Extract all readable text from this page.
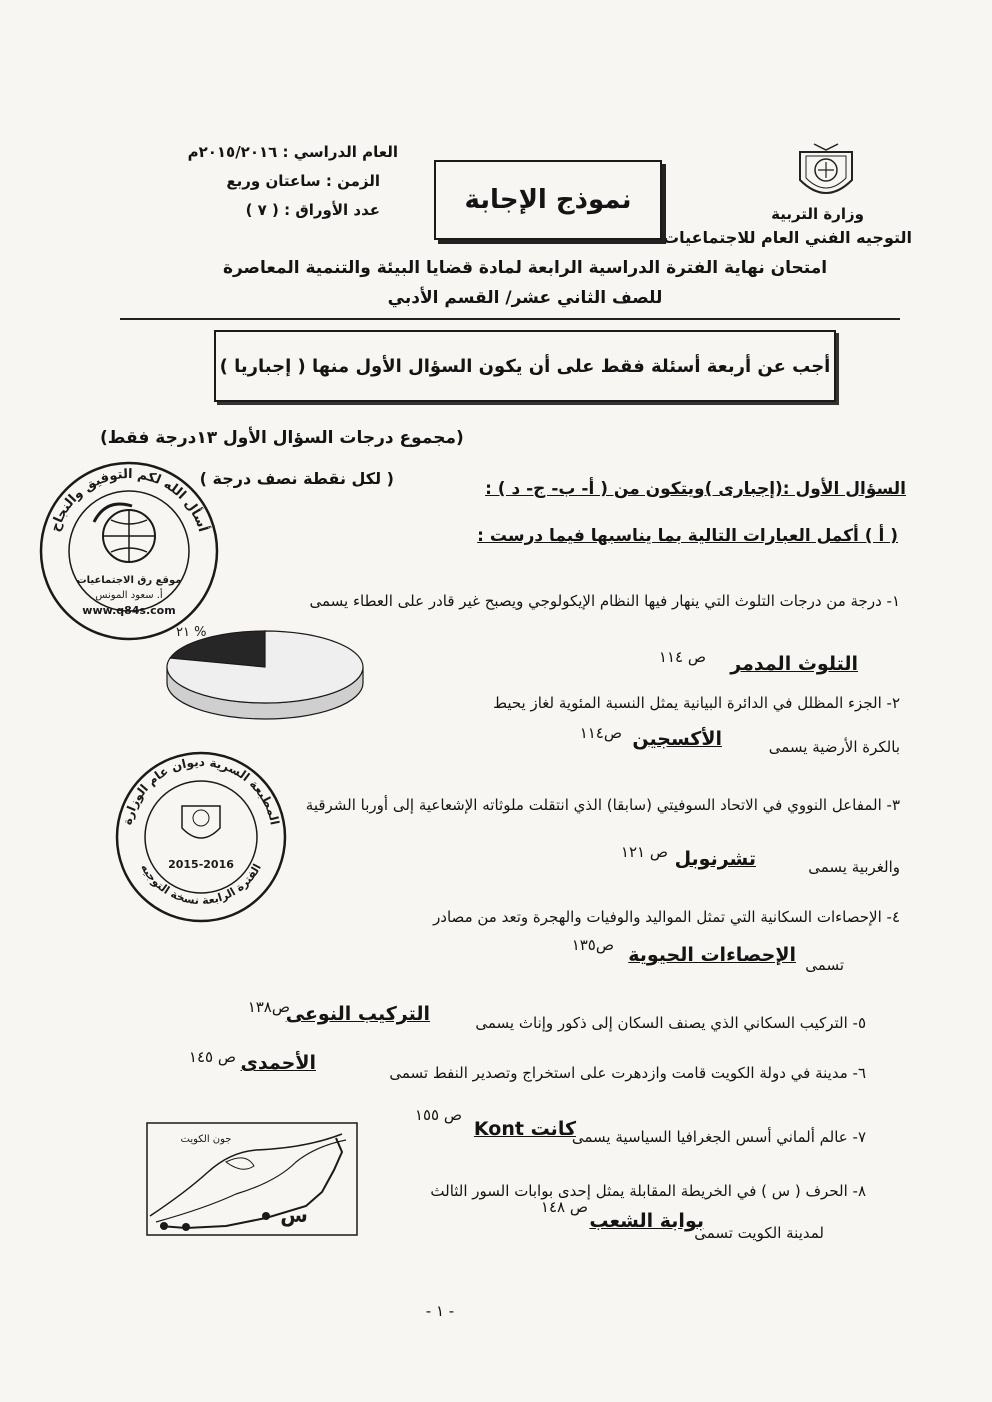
وزارة التربية
التوجيه الفني العام للاجتماعيات
نموذج الإجابة
العام الدراسي : ٢٠١٥/٢٠١٦م
الزمن : ساعتان وربع
عدد الأوراق : ( ٧ )
امتحان نهاية الفترة الدراسية الرابعة لمادة قضايا البيئة والتنمية المعاصرة
للصف الثاني عشر/ القسم الأدبي
أجب عن أربعة أسئلة فقط على أن يكون السؤال الأول منها ( إجباريا )
(مجموع درجات السؤال الأول ١٣درجة فقط)
السؤال الأول :(إجبارى )ويتكون من ( أ- ب- ج- د ) :
( لكل نقطة نصف درجة )
( أ ) أكمل العبارات التالية بما يناسبها فيما درست :
أسأل الله لكم التوفيق والنجاح
موقع رق الاجتماعيات
أ. سعود المونس
www.q84s.com
١- درجة من درجات التلوث التي ينهار فيها النظام الإيكولوجي ويصبح غير قادر على العطاء يسمى
التلوث المدمر
ص ١١٤
٢١ %
٢- الجزء المظلل في الدائرة البيانية يمثل النسبة المئوية لغاز يحيط
بالكرة الأرضية يسمى
الأكسجين
ص١١٤
المطبعة السرية ديوان عام الوزارة
الفترة الرابعة نسخة التوجيه
2015-2016
٣- المفاعل النووي في الاتحاد السوفيتي (سابقا) الذي انتقلت ملوثاته الإشعاعية إلى أوربا الشرقية
والغربية يسمى
تشرنوبل
ص ١٢١
٤- الإحصاءات السكانية التي تمثل المواليد والوفيات والهجرة وتعد من مصادر
تسمى
الإحصاءات الحيوية
ص١٣٥
٥- التركيب السكاني الذي يصنف السكان إلى ذكور وإناث يسمى
التركيب النوعى
ص١٣٨
٦- مدينة في دولة الكويت قامت وازدهرت على استخراج وتصدير النفط تسمى
الأحمدى
ص ١٤٥
٧- عالم ألماني أسس الجغرافيا السياسية يسمى
كانت Kont
ص ١٥٥
جون الكويت
س
٨- الحرف ( س ) في الخريطة المقابلة يمثل إحدى بوابات السور الثالث
لمدينة الكويت تسمى
بوابة الشعب
ص ١٤٨
- ١ -
